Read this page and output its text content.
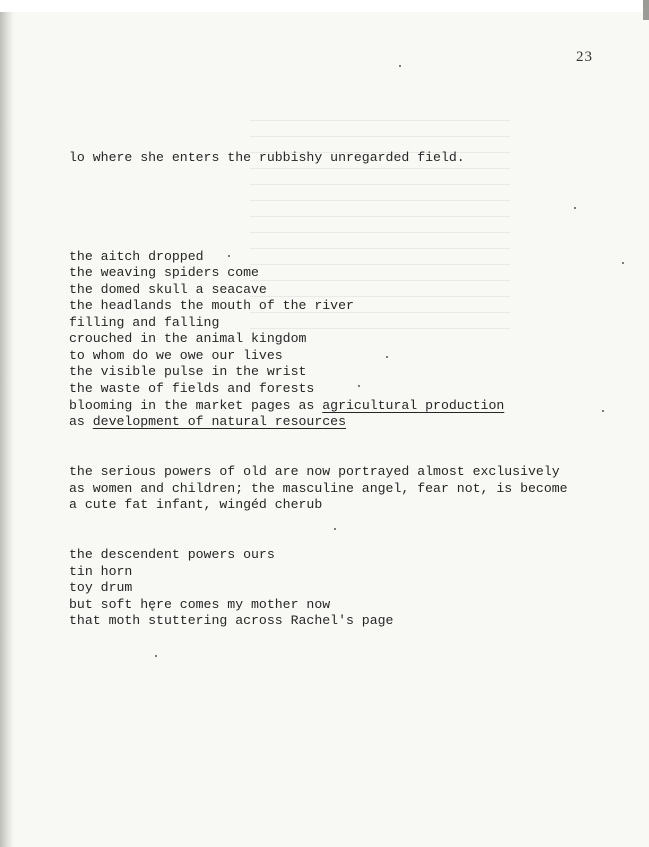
23
lo where she enters the rubbishy unregarded field.
the aitch dropped
the weaving spiders come
the domed skull a seacave
the headlands the mouth of the river
filling and falling
crouched in the animal kingdom
to whom do we owe our lives
the visible pulse in the wrist
the waste of fields and forests
blooming in the market pages as agricultural production
as development of natural resources
the serious powers of old are now portrayed almost exclusively
as women and children; the masculine angel, fear not, is become
a cute fat infant, wingéd cherub
the descendent powers ours
tin horn
toy drum
but soft hęre comes my mother now
that moth stuttering across Rachel's page
